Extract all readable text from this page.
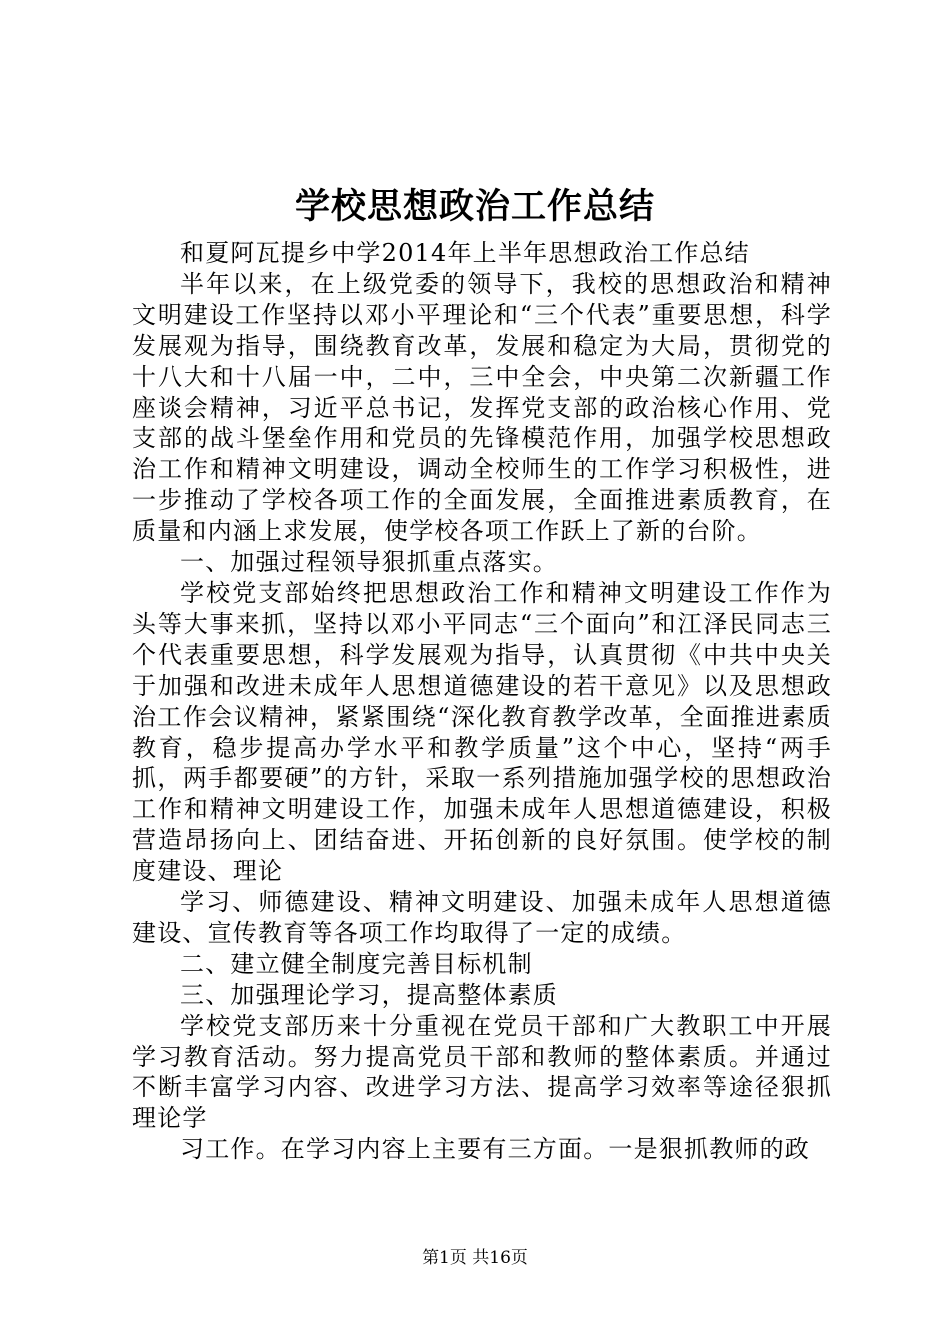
学校思想政治工作总结

和夏阿瓦提乡中学2014年上半年思想政治工作总结

半年以来，在上级党委的领导下，我校的思想政治和精神文明建设工作坚持以邓小平理论和“三个代表”重要思想，科学发展观为指导，围绕教育改革，发展和稳定为大局，贯彻党的十八大和十八届一中，二中，三中全会，中央第二次新疆工作座谈会精神，习近平总书记，发挥党支部的政治核心作用、党支部的战斗堡垒作用和党员的先锋模范作用，加强学校思想政治工作和精神文明建设，调动全校师生的工作学习积极性，进一步推动了学校各项工作的全面发展，全面推进素质教育，在质量和内涵上求发展，使学校各项工作跃上了新的台阶。

一、加强过程领导狠抓重点落实。

学校党支部始终把思想政治工作和精神文明建设工作作为头等大事来抓，坚持以邓小平同志“三个面向”和江泽民同志三个代表重要思想，科学发展观为指导，认真贯彻《中共中央关于加强和改进未成年人思想道德建设的若干意见》以及思想政治工作会议精神，紧紧围绕“深化教育教学改革，全面推进素质教育，稳步提高办学水平和教学质量”这个中心，坚持“两手抓，两手都要硬”的方针，采取一系列措施加强学校的思想政治工作和精神文明建设工作，加强未成年人思想道德建设，积极营造昂扬向上、团结奋进、开拓创新的良好氛围。使学校的制度建设、理论

学习、师德建设、精神文明建设、加强未成年人思想道德建设、宣传教育等各项工作均取得了一定的成绩。

二、建立健全制度完善目标机制

三、加强理论学习，提高整体素质

学校党支部历来十分重视在党员干部和广大教职工中开展学习教育活动。努力提高党员干部和教师的整体素质。并通过不断丰富学习内容、改进学习方法、提高学习效率等途径狠抓理论学

习工作。在学习内容上主要有三方面。一是狠抓教师的政

第1页 共16页
